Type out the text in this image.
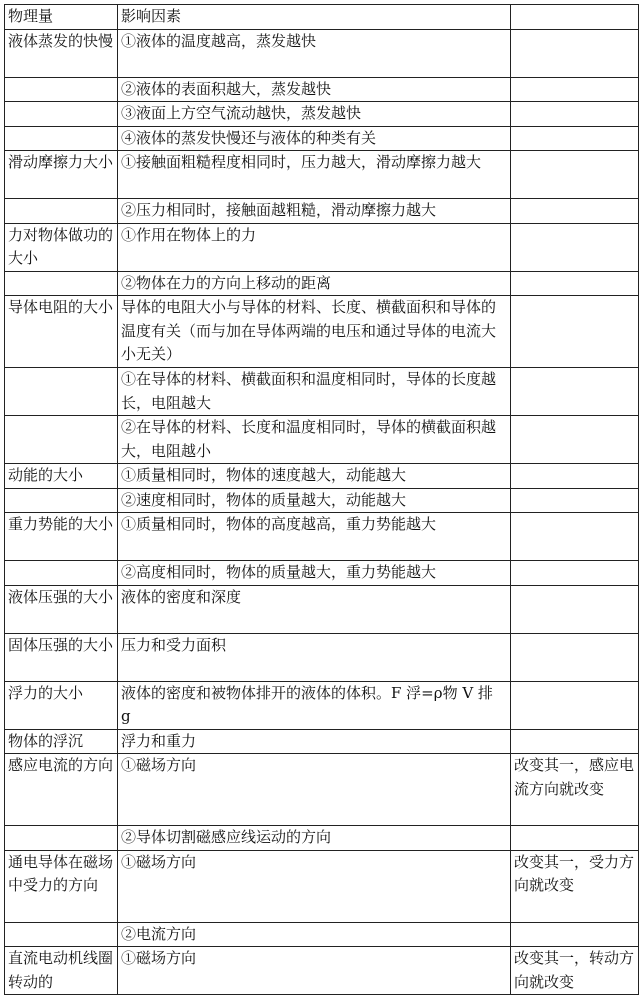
物理量	影响因素	
液体蒸发的快慢	①液体的温度越高，蒸发越快	
	②液体的表面积越大，蒸发越快	
	③液面上方空气流动越快，蒸发越快	
	④液体的蒸发快慢还与液体的种类有关	
滑动摩擦力大小	①接触面粗糙程度相同时，压力越大，滑动摩擦力越大	
	②压力相同时，接触面越粗糙，滑动摩擦力越大	
力对物体做功的大小	①作用在物体上的力	
	②物体在力的方向上移动的距离	
导体电阻的大小	导体的电阻大小与导体的材料、长度、横截面积和导体的温度有关（而与加在导体两端的电压和通过导体的电流大小无关）	
	①在导体的材料、横截面积和温度相同时，导体的长度越长，电阻越大	
	②在导体的材料、长度和温度相同时，导体的横截面积越大，电阻越小	
动能的大小	①质量相同时，物体的速度越大，动能越大	
	②速度相同时，物体的质量越大，动能越大	
重力势能的大小	①质量相同时，物体的高度越高，重力势能越大	
	②高度相同时，物体的质量越大，重力势能越大	
液体压强的大小	液体的密度和深度	
固体压强的大小	压力和受力面积	
浮力的大小	液体的密度和被物体排开的液体的体积。F 浮=ρ物 V 排 g	
物体的浮沉	浮力和重力	
感应电流的方向	①磁场方向	改变其一，感应电流方向就改变
	②导体切割磁感应线运动的方向	
通电导体在磁场中受力的方向	①磁场方向	改变其一，受力方向就改变
	②电流方向	
直流电动机线圈转动的	①磁场方向	改变其一，转动方向就改变
